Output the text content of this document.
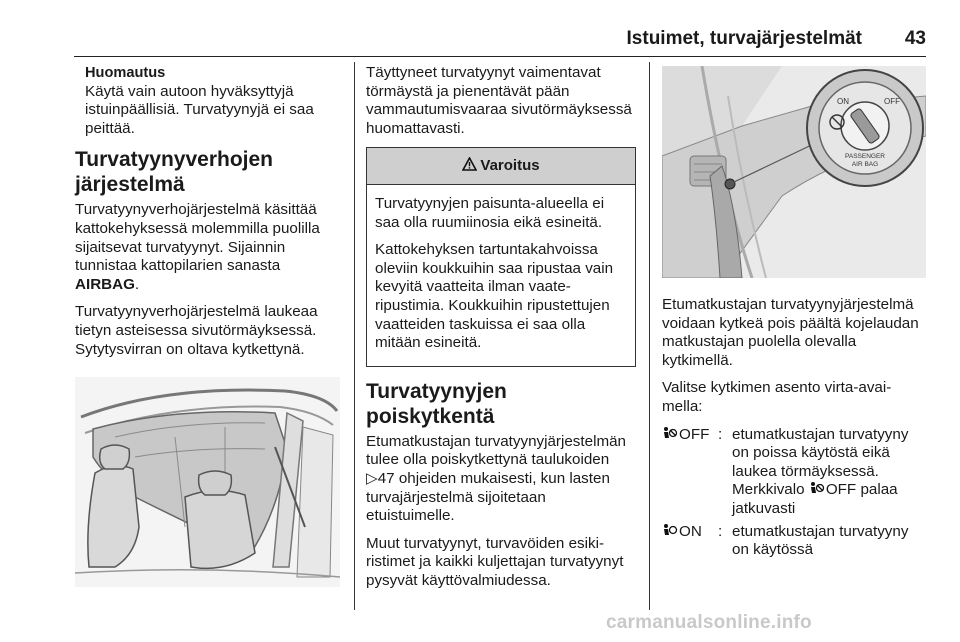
Istuimet, turvajärjestelmät 43
Huomautus

Käytä vain autoon hyväksyttyjä istuinpäällisiä. Turvatyynyjä ei saa peittää.

Turvatyynyverhojen järjestelmä

Turvatyynyverhojärjestelmä käsittää kattokehyksessä molemmilla puolilla sijaitsevat turvatyynyt. Sijainnin tunnistaa kattopilarien sanasta AIRBAG.

Turvatyynyverhojärjestelmä laukeaa tietyn asteisessa sivutörmäyksessä. Sytytysvirran on oltava kytkettynä.

Täyttyneet turvatyynyt vaimentavat törmäystä ja pienentävät pään vammautumisvaaraa sivutörmäyksessä huomattavasti.

Varoitus

Turvatyynyjen paisunta-alueella ei saa olla ruumiinosia eikä esineitä.

Kattokehyksen tartuntakahvoissa oleviin koukkuihin saa ripustaa vain kevyitä vaatteita ilman vaateripustimia. Koukkuihin ripustettujen vaatteiden taskuissa ei saa olla mitään esineitä.

Turvatyynyjen poiskytkentä

Etumatkustajan turvatyynyjärjestelmän tulee olla poiskytkettynä taulukoiden ▷47 ohjeiden mukaisesti, kun lasten turvajärjestelmä sijoitetaan etuistuimelle.

Muut turvatyynyt, turvavöiden esikiristimet ja kaikki kuljettajan turvatyynyt pysyvät käyttövalmiudessa.

ON	OFF
PASSENGER
AIR BAG

Etumatkustajan turvatyynyjärjestelmä voidaan kytkeä pois päältä kojelaudan matkustajan puolella olevalla kytkimellä.

Valitse kytkimen asento virta-avaimella:

OFF : etumatkustajan turvatyyny on poissa käytöstä eikä laukea törmäyksessä.
Merkkivalo OFF palaa jatkuvasti
ON	: etumatkustajan turvatyyny on käytössä
carmanualsonline.info
